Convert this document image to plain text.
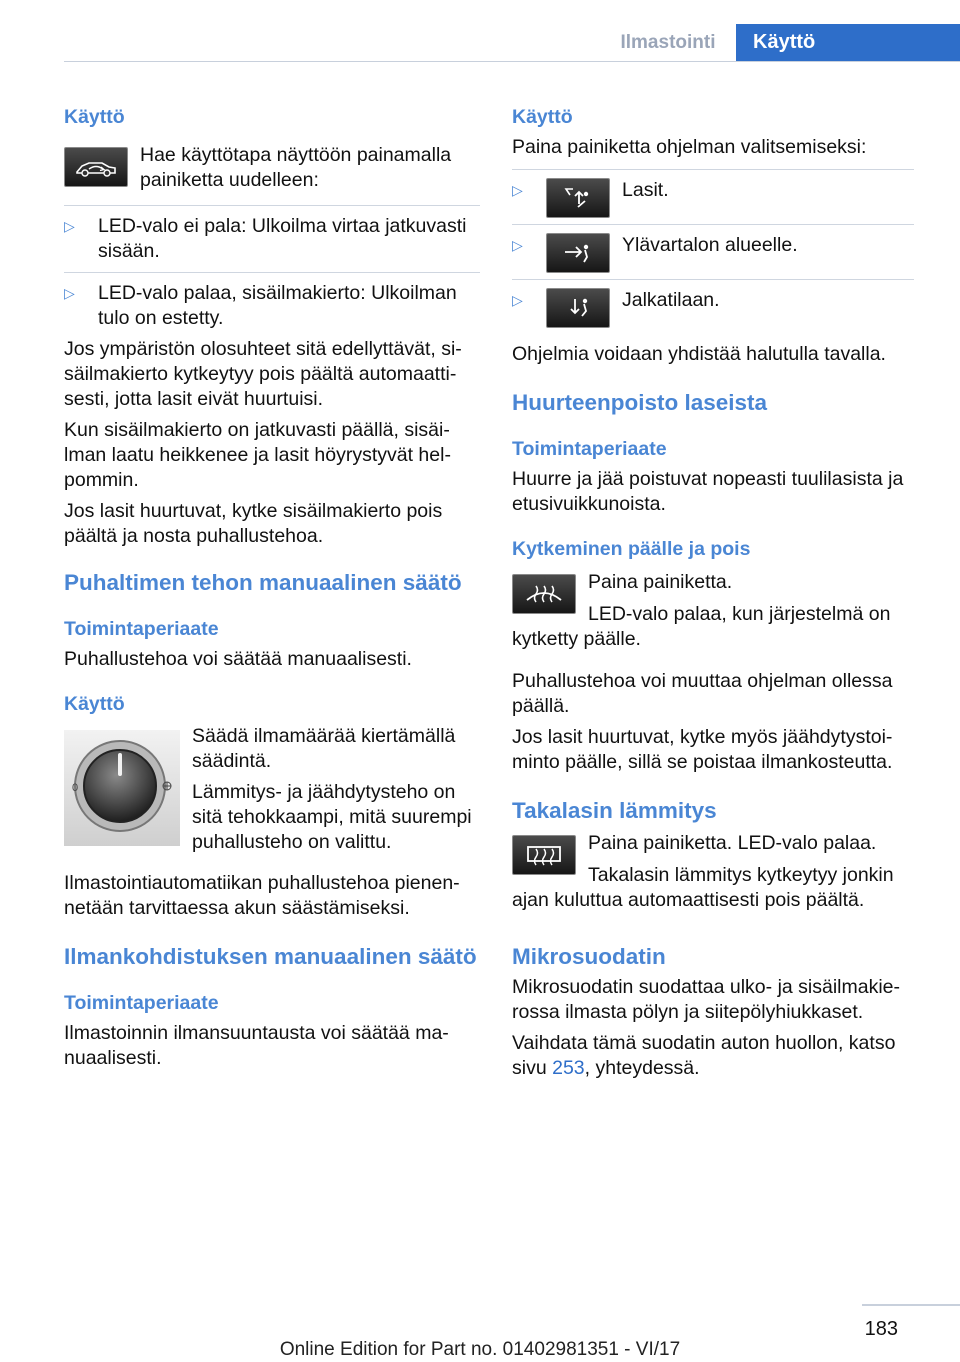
Ilmastointi	Käyttö

Käyttö

Hae käyttötapa näyttöön painamalla painiketta uudelleen:

▷	LED-valo ei pala: Ulkoilma virtaa jatkuvasti sisään.

▷	LED-valo palaa, sisäilmakierto: Ulkoilman tulo on estetty.

Jos ympäristön olosuhteet sitä edellyttävät, si-säilmakierto kytkeytyy pois päältä automaatti-sesti, jotta lasit eivät huurtuisi.

Kun sisäilmakierto on jatkuvasti päällä, sisäi-lman laatu heikkenee ja lasit höyrystyvät hel-pommin.

Jos lasit huurtuvat, kytke sisäilmakierto pois päältä ja nosta puhallustehoa.

Puhaltimen tehon manuaalinen säätö

Toimintaperiaate

Puhallustehoa voi säätää manuaalisesti.

Käyttö

0

Säädä ilmamäärää kiertämällä säädintä.

Lämmitys- ja jäähdytysteho on sitä tehokkaampi, mitä suurempi puhallusteho on valittu.

Ilmastointiautomatiikan puhallustehoa pienen-netään tarvittaessa akun säästämiseksi.

Ilmankohdistuksen manuaalinen säätö

Toimintaperiaate

Ilmastoinnin ilmansuuntausta voi säätää ma-nuaalisesti.

Käyttö

Paina painiketta ohjelman valitsemiseksi:

▷	Lasit.

▷	Ylävartalon alueelle.

▷	Jalkatilaan.

Ohjelmia voidaan yhdistää halutulla tavalla.

Huurteenpoisto laseista

Toimintaperiaate

Huurre ja jää poistuvat nopeasti tuulilasista ja etusivuikkunoista.

Kytkeminen päälle ja pois

Paina painiketta.

LED-valo palaa, kun järjestelmä on kytketty päälle.

Puhallustehoa voi muuttaa ohjelman ollessa päällä.

Jos lasit huurtuvat, kytke myös jäähdytystoi-minto päälle, sillä se poistaa ilmankosteutta.

Takalasin lämmitys

Paina painiketta. LED-valo palaa.

Takalasin lämmitys kytkeytyy jonkin ajan kuluttua automaattisesti pois päältä.

Mikrosuodatin

Mikrosuodatin suodattaa ulko- ja sisäilmakie-rossa ilmasta pölyn ja siitepölyhiukkaset.

Vaihdata tämä suodatin auton huollon, katso sivu 253, yhteydessä.

183
Online Edition for Part no. 01402981351 - VI/17
